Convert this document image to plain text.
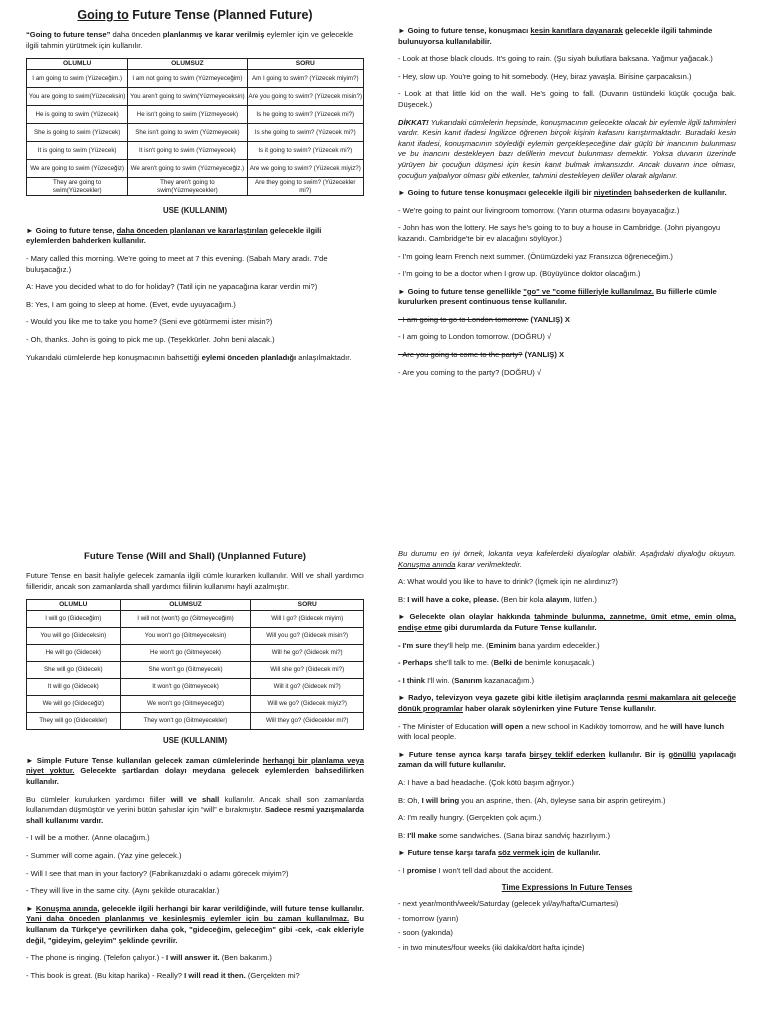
Going to Future Tense (Planned Future)

“Going to future tense” daha önceden planlanmış ve karar verilmiş eylemler için ve gelecekle ilgili tahmin yürütmek için kullanılır.

OLUMLU	OLUMSUZ	SORU
I am going to swim (Yüzeceğim.)	I am not going to swim (Yüzmeyeceğim)	Am I going to swim? (Yüzecek miyim?)
You are going to swim(Yüzeceksin)	You aren't going to swim(Yüzmeyeceksin)	Are you going to swim? (Yüzecek misin?)
He is going to swim (Yüzecek)	He isn't going to swim (Yüzmeyecek)	Is he going to swim? (Yüzecek mi?)
She is going to swim (Yüzecek)	She isn't going to swim (Yüzmeyecek)	Is she going to swim? (Yüzecek mi?)
It is going to swim (Yüzecek)	It isn't going to swim (Yüzmeyecek)	Is it going to swim? (Yüzecek mi?)
We are going to swim (Yüzeceğiz)	We aren't going to swim (Yüzmeyeceğiz.)	Are we going to swim? (Yüzecek miyiz?)
They are going to swim(Yüzecekler)	They aren't going to swim(Yüzmeyecekler)	Are they going to swim? (Yüzecekler mi?)
USE (KULLANIM)

► Going to future tense, daha önceden planlanan ve kararlaştırılan gelecekle ilgili eylemlerden bahderken kullanılır.

- Mary called this morning. We're going to meet at 7 this evening. (Sabah Mary aradı. 7'de buluşacağız.)

A: Have you decided what to do for holiday? (Tatil için ne yapacağına karar verdin mi?)

B: Yes, I am going to sleep at home. (Evet, evde uyuyacağım.)

- Would you like me to take you home? (Seni eve götürmemi ister misin?)

- Oh, thanks. John is going to pick me up. (Teşekkürler. John beni alacak.)

Yukarıdaki cümlelerde hep konuşmacının bahsettiği eylemi önceden planladığı anlaşılmaktadır.

► Going to future tense, konuşmacı kesin kanıtlara dayanarak gelecekle ilgili tahminde bulunuyorsa kullanılabilir.

- Look at those black clouds. It's going to rain. (Şu siyah bulutlara baksana. Yağmur yağacak.)

- Hey, slow up. You're going to hit somebody. (Hey, biraz yavaşla. Birisine çarpacaksın.)

- Look at that little kid on the wall. He's going to fall. (Duvarın üstündeki küçük çocuğa bak. Düşecek.)

DİKKAT! Yukarıdaki cümlelerin hepsinde, konuşmacının gelecekte olacak bir eylemle ilgili tahminleri vardır. Kesin kanıt ifadesi İngilizce öğrenen birçok kişinin kafasını karıştırmaktadır. Buradaki kesin kanıt ifadesi, konuşmacının söylediği eylemin gerçekleşeceğine dair güçlü bir inancının bulunması ve bu inancını destekleyen bazı delillerin mevcut bulunması demektir. Yoksa duvarın üzerinde yürüyen bir çocuğun düşmesi için kesin kanıt bulmak imkansızdır. Ancak duvarın ince olması, çocuğun yalpalıyor olması gibi etkenler, tahmini destekleyen deliller olarak algılanır.

► Going to future tense konuşmacı gelecekle ilgili bir niyetinden bahsederken de kullanılır.

- We're going to paint our livingroom tomorrow. (Yarın oturma odasını boyayacağız.)

- John has won the lottery. He says he's going to to buy a house in Cambridge. (John piyangoyu kazandı. Cambridge'te bir ev alacağını söylüyor.)

- I'm going learn French next summer. (Önümüzdeki yaz Fransızca öğreneceğim.)

- I'm going to be a doctor when I grow up. (Büyüyünce doktor olacağım.)

► Going to future tense genellikle "go" ve "come fiilleriyle kullanılmaz. Bu fiillerle cümle kurulurken present continuous tense kullanılır.

- I am going to go to London tomorrow. (YANLIŞ) X

- I am going to London tomorrow. (DOĞRU) √

- Are you going to come to the party? (YANLIŞ) X

- Are you coming to the party? (DOĞRU) √

Future Tense (Will and Shall) (Unplanned Future)

Future Tense en basit haliyle gelecek zamanla ilgili cümle kurarken kullanılır. Will ve shall yardımcı fiilleridir, ancak son zamanlarda shall yardımcı fiilinin kullanımı hayli azalmıştır.

OLUMLU	OLUMSUZ	SORU
I will go (Gideceğim)	I will not (won't) go (Gitmeyeceğim)	Will I go? (Gidecek miyim)
You will go (Gideceksin)	You won't go (Gitmeyeceksin)	Will you go? (Gidecek misin?)
He will go (Gidecek)	He won't go (Gitmeyecek)	Will he go? (Gidecek mi?)
She will go (Gidecek)	She won't go (Gitmeyecek)	Will she go? (Gidecek mi?)
It will go (Gidecek)	It won't go (Gitmeyecek)	Will it go? (Gidecek mi?)
We will go (Gideceğiz)	We won't go (Gitmeyeceğiz)	Will we go? (Gidecek miyiz?)
They will go (Gidecekler)	They won't go (Gitmeyecekler)	Will they go? (Gidecekler mi?)
USE (KULLANIM)

► Simple Future Tense kullanılan gelecek zaman cümlelerinde herhangi bir planlama veya niyet yoktur. Gelecekte şartlardan dolayı meydana gelecek eylemlerden bahsedilirken kullanılır.

Bu cümleler kurulurken yardımcı fiiller will ve shall kullanılır. Ancak shall son zamanlarda kullanımdan düşmüştür ve yerini bütün şahıslar için “will” e bırakmıştır. Sadece resmi yazışmalarda shall kullanımı vardır.

- I will be a mother. (Anne olacağım.)

- Summer will come again. (Yaz yine gelecek.)

- Will I see that man in your factory? (Fabrikanızdaki o adamı görecek miyim?)

- They will live in the same city. (Aynı şekilde oturacaklar.)

► Konuşma anında, gelecekle ilgili herhangi bir karar verildiğinde, will future tense kullanılır. Yani daha önceden planlanmış ve kesinleşmiş eylemler için bu zaman kullanılmaz. Bu kullanım da Türkçe'ye çevrilirken daha çok, "gideceğim, geleceğim" gibi -cek, -cak ekleriyle değil, "gideyim, geleyim" şeklinde çevrilir.

- The phone is ringing. (Telefon çalıyor.) - I will answer it. (Ben bakarım.)

- This book is great. (Bu kitap harika) - Really? I will read it then. (Gerçekten mi?

Bu durumu en iyi örnek, lokanta veya kafelerdeki diyaloglar olabilir. Aşağıdaki diyaloğu okuyun. Konuşma anında karar verilmektedir.

A: What would you like to have to drink? (İçmek için ne alırdınız?)

B: I will have a coke, please. (Ben bir kola alayım, lütfen.)

► Gelecekte olan olaylar hakkında tahminde bulunma, zannetme, ümit etme, emin olma, endişe etme gibi durumlarda da Future Tense kullanılır.

- I'm sure they'll help me. (Eminim bana yardım edecekler.)

- Perhaps she'll talk to me. (Belki de benimle konuşacak.)

- I think I'll win. (Sanırım kazanacağım.)

► Radyo, televizyon veya gazete gibi kitle iletişim araçlarında resmi makamlara ait geleceğe dönük programlar haber olarak söylenirken yine Future Tense kullanılır.

- The Minister of Education will open a new school in Kadıköy tomorrow, and he will have lunch with local people.

► Future tense ayrıca karşı tarafa birşey teklif ederken kullanılır. Bir iş gönüllü yapılacağı zaman da will future kullanılır.

A: I have a bad headache. (Çok kötü başım ağrıyor.)

B: Oh, I will bring you an asprine, then. (Ah, öyleyse sana bir asprin getireyim.)

A: I'm really hungry. (Gerçekten çok açım.)

B: I'll make some sandwiches. (Sana biraz sandviç hazırlıyım.)

► Future tense karşı tarafa söz vermek için de kullanılır.

- I promise I won't tell dad about the accident.

Time Expressions In Future Tenses

- next year/month/week/Saturday (gelecek yıl/ay/hafta/Cumartesi)

- tomorrow (yarın)

- soon (yakında)

- in two minutes/four weeks (iki dakika/dört hafta içinde)
